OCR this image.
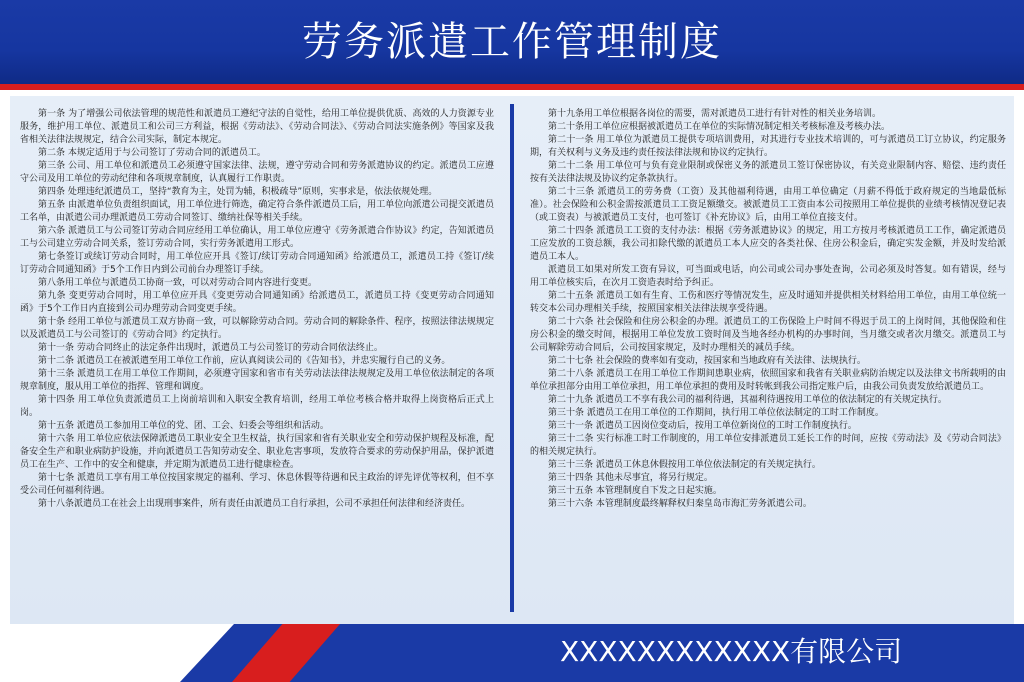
劳务派遣工作管理制度

第一条 为了增强公司依法管理的规范性和派遣员工遵纪守法的自觉性，给用工单位提供优质、高效的人力资源专业服务，维护用工单位、派遣员工和公司三方利益，根据《劳动法》、《劳动合同法》、《劳动合同法实施条例》等国家及我省相关法律法规规定，结合公司实际，制定本规定。

第二条 本规定适用于与公司签订了劳动合同的派遣员工。

第三条 公司、用工单位和派遣员工必须遵守国家法律、法规，遵守劳动合同和劳务派遣协议的约定。派遣员工应遵守公司及用工单位的劳动纪律和各项规章制度，认真履行工作职责。

第四条 处理违纪派遣员工，坚持“教育为主，处罚为辅，积极疏导”原则，实事求是，依法依规处理。

第五条 由派遣单位负责组织面试，用工单位进行筛选，确定符合条件派遣员工后，用工单位向派遣公司提交派遣员工名单，由派遣公司办理派遣员工劳动合同签订、缴纳社保等相关手续。

第六条 派遣员工与公司签订劳动合同应经用工单位确认，用工单位应遵守《劳务派遣合作协议》约定，告知派遣员工与公司建立劳动合同关系，签订劳动合同，实行劳务派遣用工形式。

第七条签订或续订劳动合同时，用工单位应开具《签订/续订劳动合同通知函》给派遣员工，派遣员工持《签订/续订劳动合同通知函》于5个工作日内到公司前台办理签订手续。

第八条用工单位与派遣员工协商一致，可以对劳动合同内容进行变更。

第九条 变更劳动合同时，用工单位应开具《变更劳动合同通知函》给派遣员工，派遣员工持《变更劳动合同通知函》于5个工作日内直接到公司办理劳动合同变更手续。

第十条 经用工单位与派遣员工双方协商一致，可以解除劳动合同。劳动合同的解除条件、程序，按照法律法规规定以及派遣员工与公司签订的《劳动合同》约定执行。

第十一条 劳动合同终止的法定条件出现时，派遣员工与公司签订的劳动合同依法终止。

第十二条 派遣员工在被派遣至用工单位工作前，应认真阅读公司的《告知书》，并忠实履行自己的义务。

第十三条 派遣员工在用工单位工作期间，必须遵守国家和省市有关劳动法法律法规规定及用工单位依法制定的各项规章制度，服从用工单位的指挥、管理和调度。

第十四条 用工单位负责派遣员工上岗前培训和入职安全教育培训，经用工单位考核合格并取得上岗资格后正式上岗。

第十五条 派遣员工参加用工单位的党、团、工会、妇委会等组织和活动。

第十六条 用工单位应依法保障派遣员工职业安全卫生权益，执行国家和省有关职业安全和劳动保护规程及标准，配备安全生产和职业病防护设施，并向派遣员工告知劳动安全、职业危害事项，发放符合要求的劳动保护用品，保护派遣员工在生产、工作中的安全和健康，并定期为派遣员工进行健康检查。

第十七条 派遣员工享有用工单位按国家规定的福利、学习、休息休假等待遇和民主政治的评先评优等权利，但不享受公司任何福利待遇。

第十八条派遣员工在社会上出现刑事案件，所有责任由派遣员工自行承担，公司不承担任何法律和经济责任。

第十九条用工单位根据各岗位的需要，需对派遣员工进行有针对性的相关业务培训。

第二十条用工单位应根据被派遣员工在单位的实际情况制定相关考核标准及考核办法。

第二十一条 用工单位为派遣员工提供专项培训费用，对其进行专业技术培训的，可与派遣员工订立协议，约定服务期，有关权利与义务及违约责任按法律法规和协议约定执行。

第二十二条 用工单位可与负有竞业限制或保密义务的派遣员工签订保密协议，有关竞业限制内容、赔偿、违约责任按有关法律法规及协议约定条款执行。

第二十三条 派遣员工的劳务费（工资）及其他福利待遇，由用工单位确定（月薪不得低于政府规定的当地最低标准）。社会保险和公积金需按派遣员工工资足额缴交。被派遣员工工资由本公司按照用工单位提供的业绩考核情况登记表（或工资表）与被派遣员工支付，也可签订《补充协议》后，由用工单位直接支付。

第二十四条 派遣员工工资的支付办法：根据《劳务派遣协议》的规定，用工方按月考核派遣员工工作，确定派遣员工应发放的工资总额，我公司扣除代缴的派遣员工本人应交的各类社保、住房公积金后，确定实发金额，并及时发给派遣员工本人。

派遣员工如果对所发工资有异议，可当面或电话，向公司或公司办事处查询，公司必须及时答复。如有错误，经与用工单位核实后，在次月工资造表时给予纠正。

第二十五条 派遣员工如有生育、工伤和医疗等情况发生，应及时通知并提供相关材料给用工单位，由用工单位统一转交本公司办理相关手续，按照国家相关法律法规享受待遇。

第二十六条 社会保险和住房公积金的办理。派遣员工的工伤保险上户时间不得迟于员工的上岗时间，其他保险和住房公积金的缴交时间，根据用工单位发放工资时间及当地各经办机构的办事时间，当月缴交或者次月缴交。派遣员工与公司解除劳动合同后，公司按国家规定，及时办理相关的减员手续。

第二十七条 社会保险的费率如有变动，按国家和当地政府有关法律、法规执行。

第二十八条 派遣员工在用工单位工作期间患职业病，依照国家和我省有关职业病防治规定以及法律文书所载明的由单位承担部分由用工单位承担，用工单位承担的费用及时转帐到我公司指定账户后，由我公司负责发放给派遣员工。

第二十九条 派遣员工不享有我公司的福利待遇，其福利待遇按用工单位的依法制定的有关规定执行。

第三十条 派遣员工在用工单位的工作期间，执行用工单位依法制定的工时工作制度。

第三十一条 派遣员工因岗位变动后，按用工单位新岗位的工时工作制度执行。

第三十二条 实行标准工时工作制度的，用工单位安排派遣员工延长工作的时间，应按《劳动法》及《劳动合同法》的相关规定执行。

第三十三条 派遣员工休息休假按用工单位依法制定的有关规定执行。

第三十四条 其他未尽事宜，将另行规定。

第三十五条 本管理制度自下发之日起实施。

第三十六条 本管理制度最终解释权归秦皇岛市海汇劳务派遣公司。

XXXXXXXXXXXX有限公司
